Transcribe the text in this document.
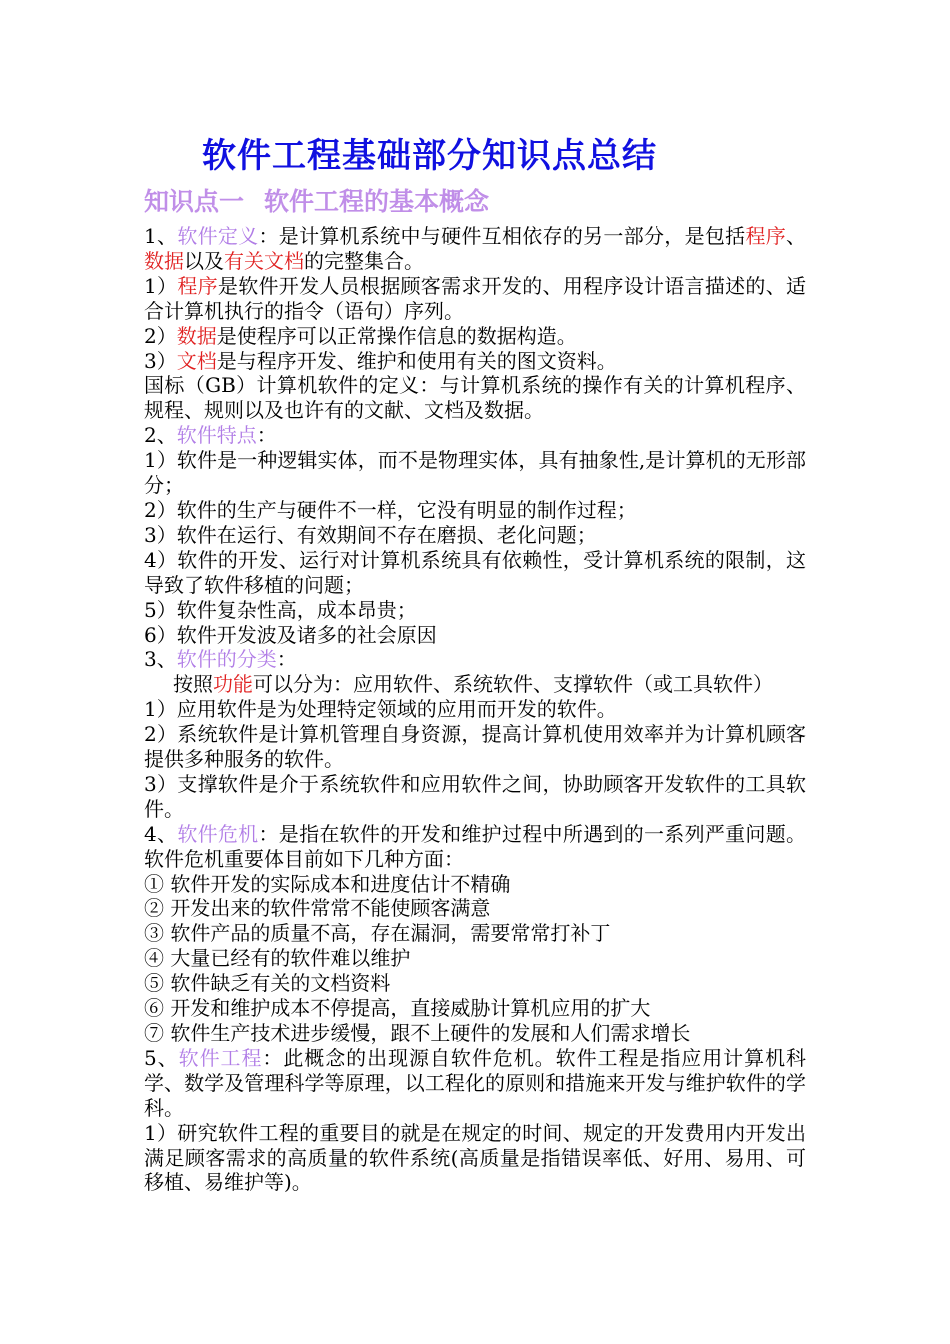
软件工程基础部分知识点总结
知识点一 软件工程的基本概念

1、软件定义：是计算机系统中与硬件互相依存的另一部分，是包括程序、数据以及有关文档的完整集合。

1）程序是软件开发人员根据顾客需求开发的、用程序设计语言描述的、适合计算机执行的指令（语句）序列。

2）数据是使程序可以正常操作信息的数据构造。

3）文档是与程序开发、维护和使用有关的图文资料。

国标（GB）计算机软件的定义：与计算机系统的操作有关的计算机程序、规程、规则以及也许有的文献、文档及数据。

2、软件特点：

1）软件是一种逻辑实体，而不是物理实体，具有抽象性,是计算机的无形部分；

2）软件的生产与硬件不一样，它没有明显的制作过程；

3）软件在运行、有效期间不存在磨损、老化问题；

4）软件的开发、运行对计算机系统具有依赖性，受计算机系统的限制，这导致了软件移植的问题；

5）软件复杂性高，成本昂贵；

6）软件开发波及诸多的社会原因

3、软件的分类：

按照功能可以分为：应用软件、系统软件、支撑软件（或工具软件）

1）应用软件是为处理特定领域的应用而开发的软件。

2）系统软件是计算机管理自身资源，提高计算机使用效率并为计算机顾客提供多种服务的软件。

3）支撑软件是介于系统软件和应用软件之间，协助顾客开发软件的工具软件。

4、软件危机：是指在软件的开发和维护过程中所遇到的一系列严重问题。 软件危机重要体目前如下几种方面：

① 软件开发的实际成本和进度估计不精确

② 开发出来的软件常常不能使顾客满意

③ 软件产品的质量不高，存在漏洞，需要常常打补丁

④ 大量已经有的软件难以维护

⑤ 软件缺乏有关的文档资料

⑥ 开发和维护成本不停提高，直接威胁计算机应用的扩大

⑦ 软件生产技术进步缓慢，跟不上硬件的发展和人们需求增长

5、软件工程：此概念的出现源自软件危机。软件工程是指应用计算机科学、数学及管理科学等原理，以工程化的原则和措施来开发与维护软件的学科。

1）研究软件工程的重要目的就是在规定的时间、规定的开发费用内开发出满足顾客需求的高质量的软件系统(高质量是指错误率低、好用、易用、可移植、易维护等)。
